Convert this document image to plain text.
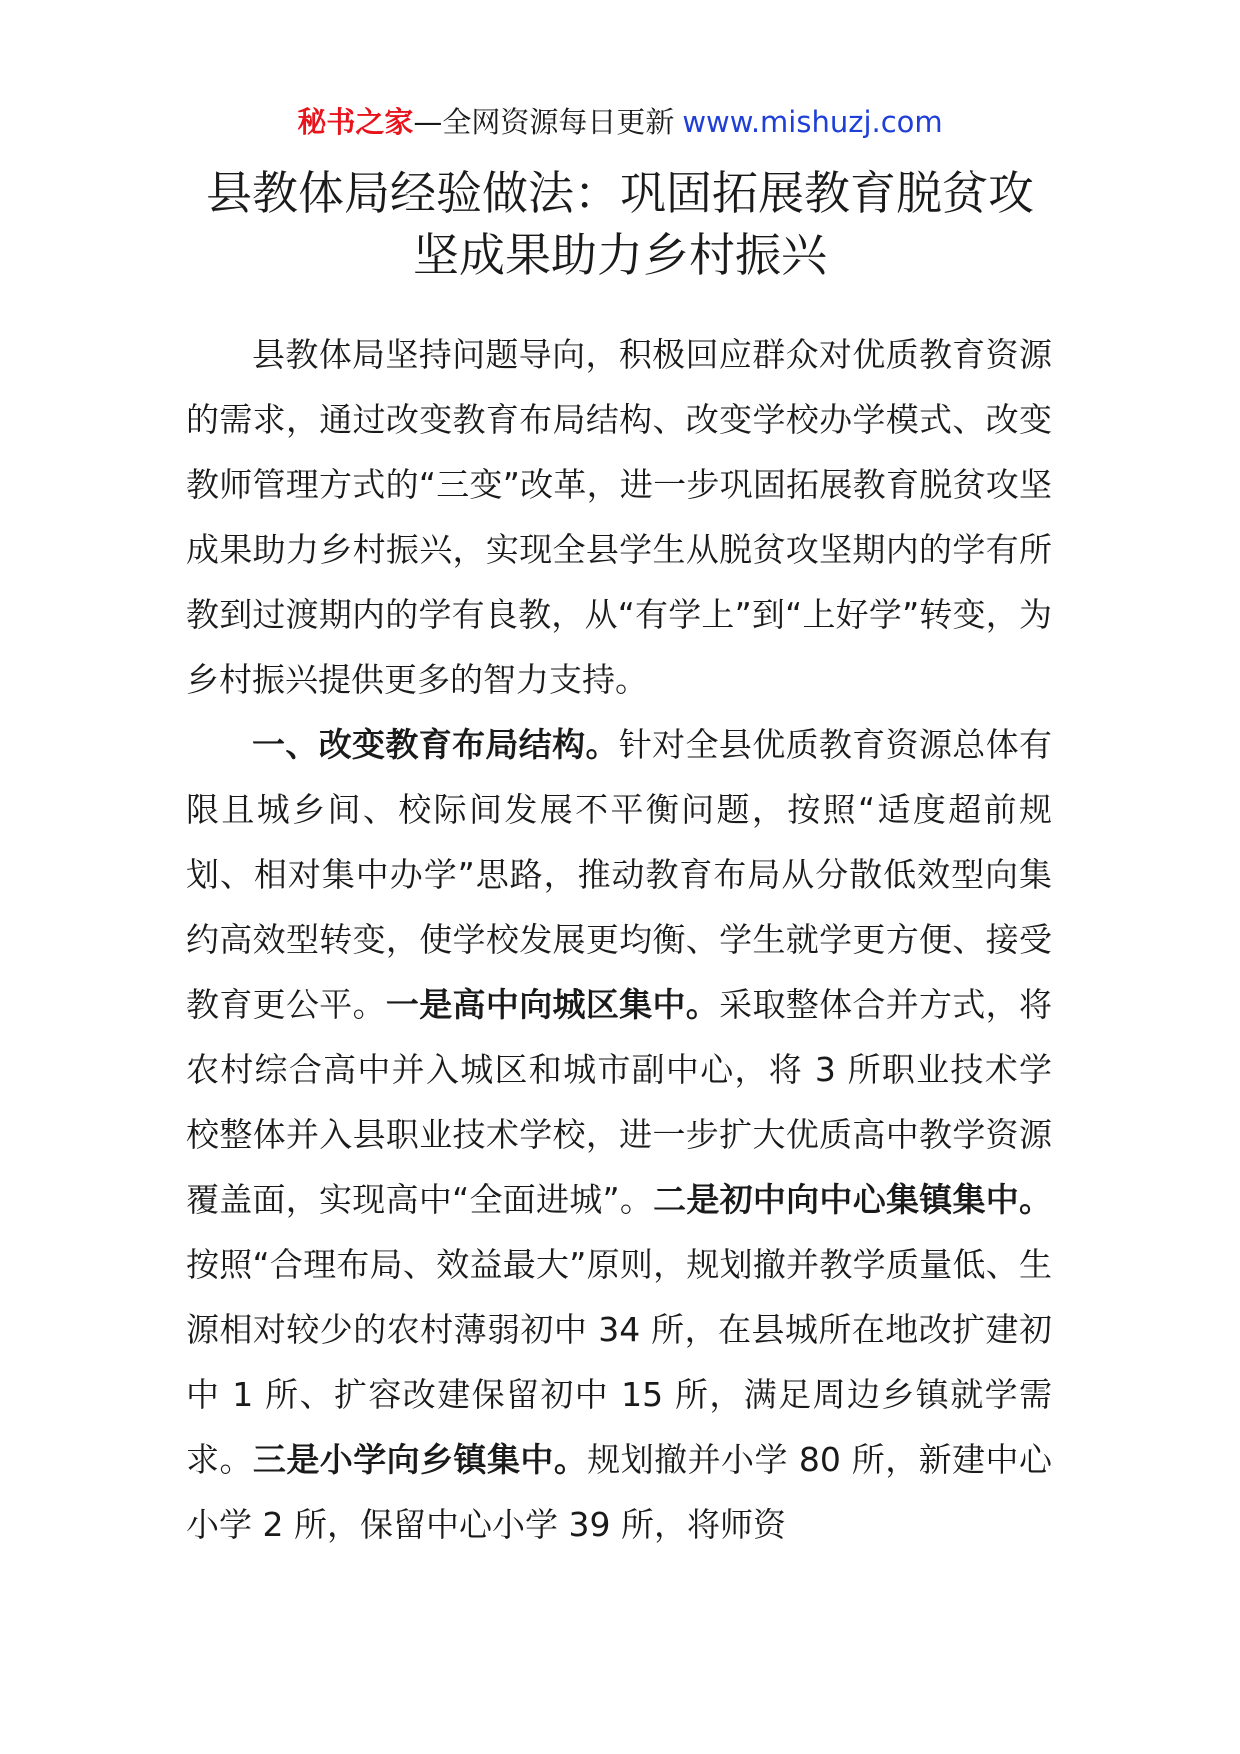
秘书之家—全网资源每日更新 www.mishuzj.com
县教体局经验做法：巩固拓展教育脱贫攻
坚成果助力乡村振兴

县教体局坚持问题导向，积极回应群众对优质教育资源的需求，通过改变教育布局结构、改变学校办学模式、改变教师管理方式的“三变”改革，进一步巩固拓展教育脱贫攻坚成果助力乡村振兴，实现全县学生从脱贫攻坚期内的学有所教到过渡期内的学有良教，从“有学上”到“上好学”转变，为乡村振兴提供更多的智力支持。

一、改变教育布局结构。针对全县优质教育资源总体有限且城乡间、校际间发展不平衡问题，按照“适度超前规划、相对集中办学”思路，推动教育布局从分散低效型向集约高效型转变，使学校发展更均衡、学生就学更方便、接受教育更公平。一是高中向城区集中。采取整体合并方式，将农村综合高中并入城区和城市副中心，将 3 所职业技术学校整体并入县职业技术学校，进一步扩大优质高中教学资源覆盖面，实现高中“全面进城”。二是初中向中心集镇集中。按照“合理布局、效益最大”原则，规划撤并教学质量低、生源相对较少的农村薄弱初中 34 所，在县城所在地改扩建初中 1 所、扩容改建保留初中 15 所，满足周边乡镇就学需求。三是小学向乡镇集中。规划撤并小学 80 所，新建中心小学 2 所，保留中心小学 39 所，将师资
